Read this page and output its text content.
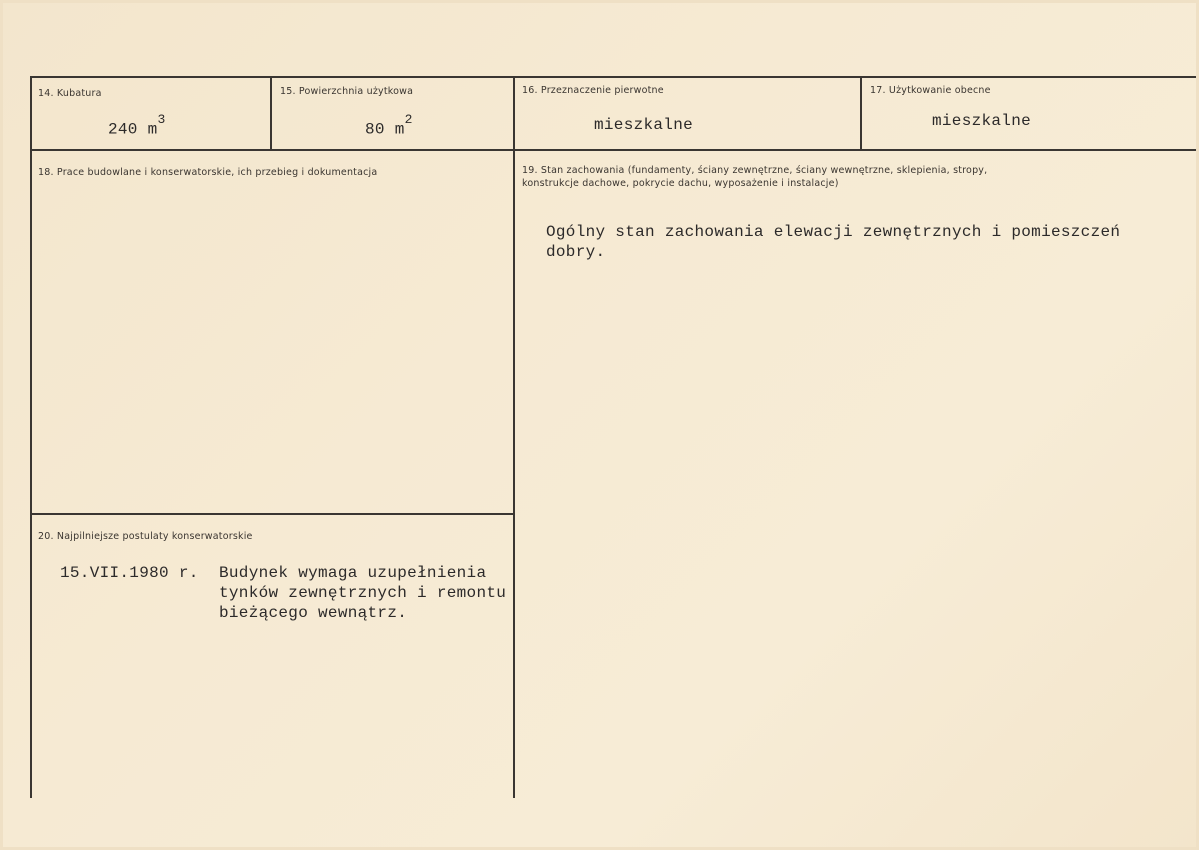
14. Kubatura
240 $m^3$
15. Powierzchnia użytkowa
80 $m^2$
16. Przeznaczenie pierwotne
mieszkalne
17. Użytkowanie obecne
mieszkalne
18. Prace budowlane i konserwatorskie, ich przebieg i dokumentacja	19. Stan zachowania (fundamenty, ściany zewnętrzne, ściany wewnętrzne, sklepienia, stropy, konstrukcje dachowe, pokrycie dachu, wyposażenie i instalacje)
Ogólny stan zachowania elewacji zewnętrznych i pomieszczeń
dobry.
20. Najpilniejsze postulaty konserwatorskie
15.VII.1980 r. Budynek wymaga uzupełnienia
tynków zewnętrznych i remontu
bieżącego wewnątrz.
